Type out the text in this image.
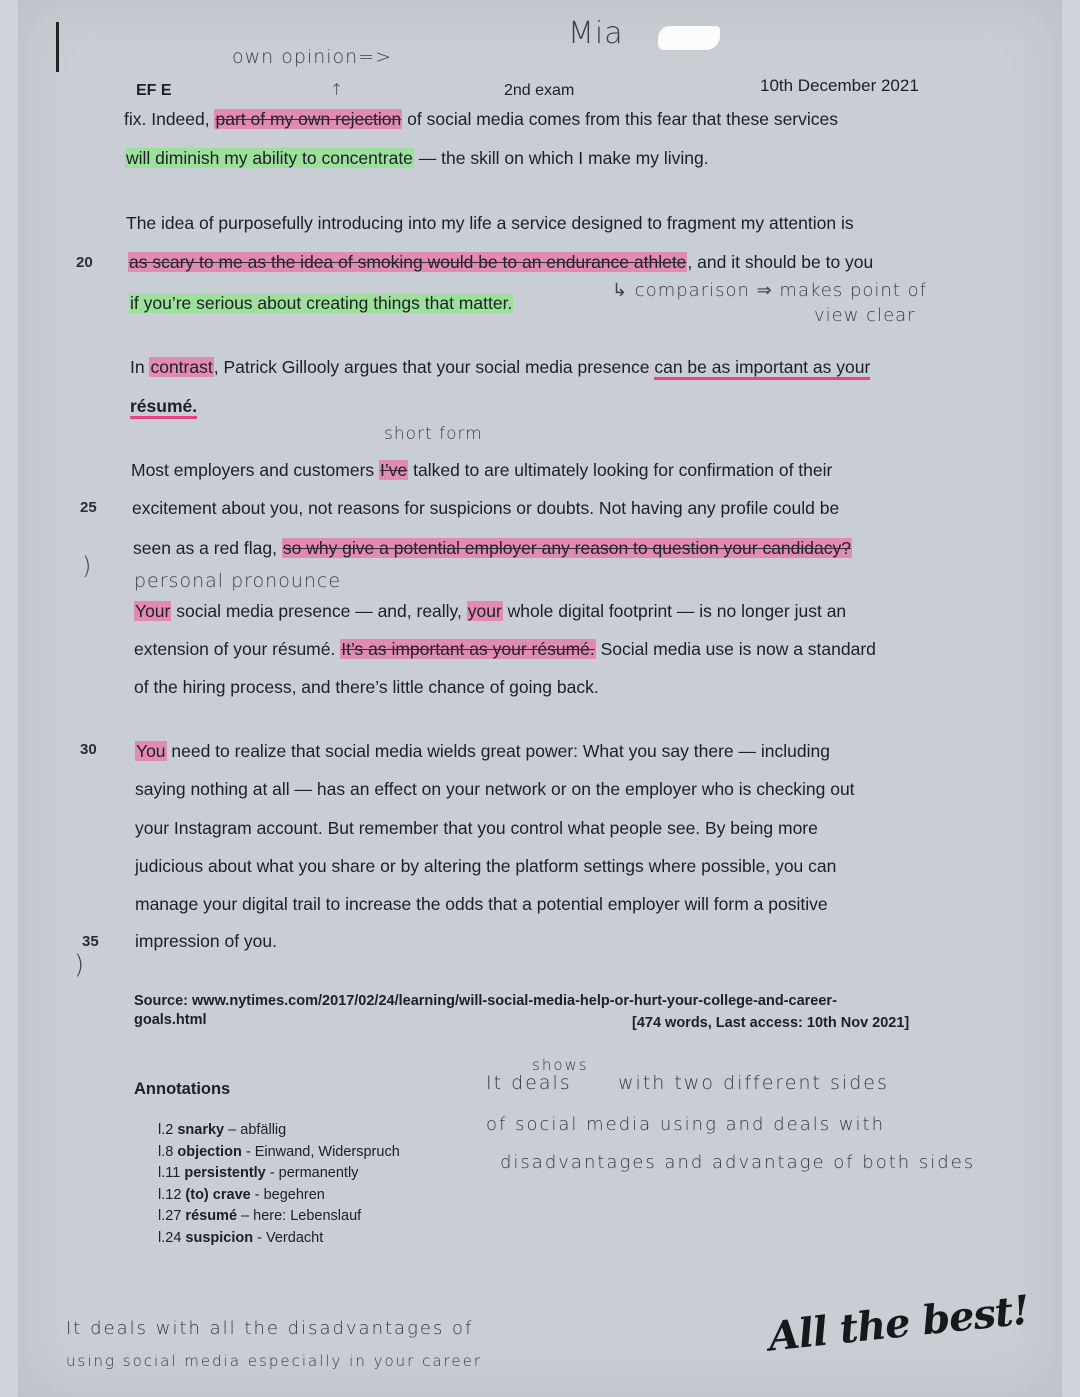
Mia
own opinion=>
↑
EF E	2nd exam	10th December 2021
fix. Indeed, part of my own rejection of social media comes from this fear that these services
will diminish my ability to concentrate — the skill on which I make my living.
The idea of purposefully introducing into my life a service designed to fragment my attention is
20 as scary to me as the idea of smoking would be to an endurance athlete, and it should be to you
if you’re serious about creating things that matter.
↳ comparison ⇒ makes point of
view clear
In contrast, Patrick Gillooly argues that your social media presence can be as important as your
résumé.
short form
Most employers and customers I’ve talked to are ultimately looking for confirmation of their
25 excitement about you, not reasons for suspicions or doubts. Not having any profile could be
)
seen as a red flag, so why give a potential employer any reason to question your candidacy?
personal pronounce
Your social media presence — and, really, your whole digital footprint — is no longer just an
extension of your résumé. It’s as important as your résumé. Social media use is now a standard
of the hiring process, and there’s little chance of going back.
30 You need to realize that social media wields great power: What you say there — including
saying nothing at all — has an effect on your network or on the employer who is checking out
your Instagram account. But remember that you control what people see. By being more
judicious about what you share or by altering the platform settings where possible, you can
manage your digital trail to increase the odds that a potential employer will form a positive
35 impression of you.
)
Source: www.nytimes.com/2017/02/24/learning/will-social-media-help-or-hurt-your-college-and-career-
goals.html	[474 words, Last access: 10th Nov 2021]
Annotations
l.2 snarky – abfällig
l.8 objection - Einwand, Widerspruch
l.11 persistently - permanently
l.12 (to) crave - begehren
l.27 résumé – here: Lebenslauf
l.24 suspicion - Verdacht
shows
It deals with two different sides
of social media using and deals with
disadvantages and advantage of both sides
It deals with all the disadvantages of
using social media especially in your career
All the best!
